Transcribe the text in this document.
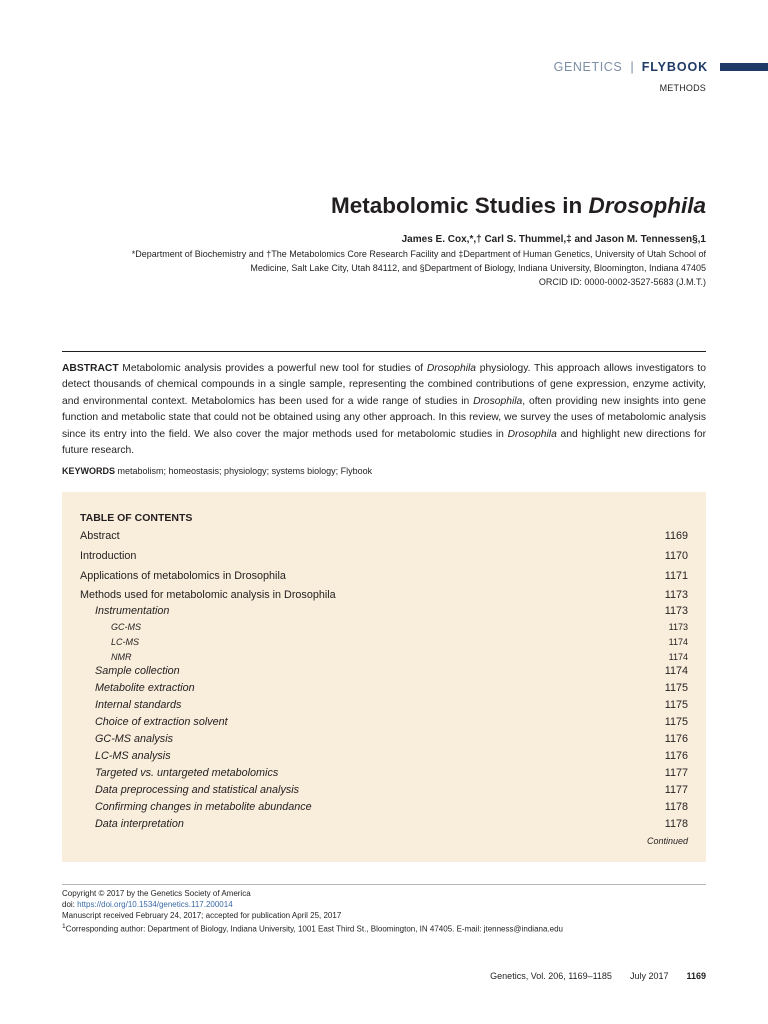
GENETICS | FLYBOOK
METHODS
Metabolomic Studies in Drosophila
James E. Cox,*,† Carl S. Thummel,‡ and Jason M. Tennessen§,1
*Department of Biochemistry and †The Metabolomics Core Research Facility and ‡Department of Human Genetics, University of Utah School of
Medicine, Salt Lake City, Utah 84112, and §Department of Biology, Indiana University, Bloomington, Indiana 47405
ORCID ID: 0000-0002-3527-5683 (J.M.T.)

ABSTRACT Metabolomic analysis provides a powerful new tool for studies of Drosophila physiology. This approach allows investigators to detect thousands of chemical compounds in a single sample, representing the combined contributions of gene expression, enzyme activity, and environmental context. Metabolomics has been used for a wide range of studies in Drosophila, often providing new insights into gene function and metabolic state that could not be obtained using any other approach. In this review, we survey the uses of metabolomic analysis since its entry into the field. We also cover the major methods used for metabolomic studies in Drosophila and highlight new directions for future research.

KEYWORDS metabolism; homeostasis; physiology; systems biology; Flybook
TABLE OF CONTENTS
Abstract	1169
Introduction	1170
Applications of metabolomics in Drosophila	1171
Methods used for metabolomic analysis in Drosophila	1173
Instrumentation	1173
GC-MS	1173
LC-MS	1174
NMR	1174
Sample collection	1174
Metabolite extraction	1175
Internal standards	1175
Choice of extraction solvent	1175
GC-MS analysis	1176
LC-MS analysis	1176
Targeted vs. untargeted metabolomics	1177
Data preprocessing and statistical analysis	1177
Confirming changes in metabolite abundance	1178
Data interpretation	1178
Continued
Copyright © 2017 by the Genetics Society of America
doi: https://doi.org/10.1534/genetics.117.200014
Manuscript received February 24, 2017; accepted for publication April 25, 2017
$^1$Corresponding author: Department of Biology, Indiana University, 1001 East Third St., Bloomington, IN 47405. E-mail: jtenness@indiana.edu
Genetics, Vol. 206, 1169–1185 July 2017 1169
